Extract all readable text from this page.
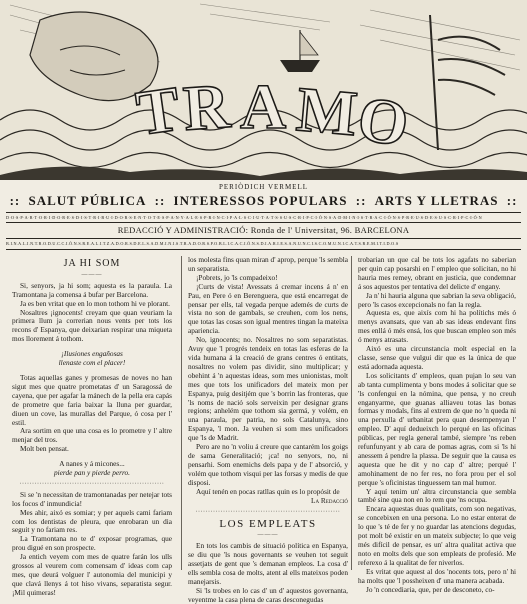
T
R A M
O
PERIÒDICH VERMELL
:: SALUT PÚBLICA :: INTERESSOS POPULARS :: ARTS Y LLETRAS ::
D·O·S·P·A·R·T·O·R·I·D·O·R·E·S·D·I·S·T·R·I·B·U·I·D·O·R·S·E·N·T·O·T·E·S·P·A·N·Y·A·L·E·S·P·R·I·N·C·I·P·A·L·S·C·I·U·T·A·T·S·S·U·S·C·R·I·P·C·I·Ó·N·S·A·D·M·I·N·I·S·T·R·A·C·I·Ó·N·S·P·R·E·U·S·D·E·S·U·S·C·R·I·P·C·I·Ó·N
REDACCIÓ Y ADMINISTRACIÓ: Ronda de l' Universitat, 96. BARCELONA
B.I.N.A.L.I.N.T.R.O.D.U.C.C.I.Ó.N.S.R.E.A.L.I.T.Z.A.D.O.R.S.D.E.L.S.A.D.M.I.N.I.S.T.R.A.D.O.R.S.P.O.B.L.I.C.A.C.I.Ó.N.S.D.I.A.R.I.E.S.A.N.U.N.C.I.S.C.O.M.U.N.I.C.A.T.S.R.E.M.I.T.I.D.O.S
JA HI SOM
———

Si, senyors, ja hi som; aquesta es la paraula. La Tramontana ja comensa á bufar per Barcelona.

Ja es ben vritat que en lo mon tothom hi ve plorant.

Nosaltres ¡ignocents! creyam que quan veuriam la primera llum ja correrian nous vents per tots los recons d' Espanya, que deixarian respirar una miqueta mos llorement á tothom.

¡Ilusiones engañosas

llenaste com el placer!

Totas aquellas ganes y promesas de noves no han sigut mes que quatre prometatas d' un Saragossá de cayena, que per agafar la mánech de la pella era capás de prometre que faria baixar la lluna per guardar, diuen un cove, las murallas del Parque, ó cosa per l' estil.

Ara sortim en que una cosa es lo prometre y l' altre menjar del tros.

Molt ben pensat.

A nanes y á micones...

pierde pan y pierde perro.

··························································

Si se 'n necessitan de tramontanadas per netejar tots los focos d' inmundicia!

Mes ahir, aixó es somiar; y per aquels cami fariam com los dentistas de pleura, que enrobaran un dia seguit y no fariam res.

La Tramontana no te d' exposar programas, que prou digué en son prospecte.

Ja entich veyem com mes de quatre farán los ulls grossos al veurem com comensam d' ideas com cap mes, que deurá volguer l' autonomia del municipi y que clavá llenys á tot hiso vivans, separatista segur. ¡Mil quimeras!

los molesta fins quan miran d' aprop, perque 'ls sembla un separatista.

¡Pobrets, jo 'ls compadeixo!

¡Curts de vista! Avessats á cremar incens á n' en Pau, en Pere ó en Berenguera, que está encarregat de pensar per ells, tal vegada perque ademés de curts de vista no son de gambals, se creuhen, com los nens, que totas las cosas son igual mentres tingan la mateixa apariencia.

No, ignocents; no. Nosaltres no som separatistas. Avuy que 'l progrés tendeix en totas las esferas de la vida humana á la creació de grans centres ó entitats, nosaltres no volem pas dividir, sino multiplicar; y obehint á 'n aquestas ideas, som mes unionistas, molt mes que tots los unificadors del mateix mon per Espanya, puig desitjém que 's borrin las fronteras, que 'ls noms de nació sols serveixin per designar grans regions; anhelém que tothom sia germá, y volém, en una paraula, per patria, no sols Catalunya, sino Espanya, 'l mon. Ja veuhen si som mes unificadors que 'ls de Madrit.

Pero are no 'n voliu á creure que cantarém los goigs de sama Generalitació; ¡ca! no senyors, no, ni pensarhi. Som enemichs dels papa y de l' absorció, y volém que tothom visqui per las forsas y medis de que disposi.

Aquí tenén en pocas ratllas quin es lo propósit de

La Redacció
··························································
LOS EMPLEATS
———

En tots los cambis de situació política en Espanya, se diu que 'ls nous governants se veuhen tot seguit assetjats de gent que 's demanan empleos. La cosa d' ells sembla cosa de molts, atent al ells mateixos poden manejarsis.

Si 'ls trobes en lo cas d' un d' aquestos governanta, veyentme la casa plena de caras desconegudas

trobarian un que cal be tots los agafats no saberian per quin cap posarshi en l' empleo que solicitan, no hi hauria mes remey, obrant en justicia, que condemnar á sos aquestos per tentativa del delicte d' engany.

Ja n' hi hauria alguna que sabrian la seva obligació, pero 'ls casos excepcionals no fan la regla.

Aquesta es, que aixís com hi ha polítichs més ó menys avansats, que van ab sas ideas endevant fins mes enllá ó més ensá, los que buscan empleo son més ó menys atrasats.

Aixó es una circunstancia molt especial en la classe, sense que vulgui dir que es la única de que está adornada aquesta.

Los solicitants d' empleos, quan pujan lo seu van ab tanta cumplimenta y bons modes á solicitar que se 'ls confengui en la nómina, que pensa, y no creuh enganyarme, que guanas alliaveu totas las bonas formas y modals, fins al extrem de que no 'n queda ni una perxulla d' urbanitat pera quan desempenyan l' empleo. D' aquí dedueixch lo perqué en las oficinas públicas, per regla general també, siempre 'ns reben refunfunyant y ab cara de pomas agras, com si 'ls hi anessem á pendre la plassa. De seguir que la causa es aquesta que he dit y no cap d' altre; perqué l' amohinament de no fer res, no fora prou per el sol perque 's oficinistas tinguessem tan mal humor.

Y aquí tenim un' altra circunstancia que sembla també sine qua non en lo rem que 'ns ocupa.

Encara aquestas duas qualitats, com son negativas, se concebixen en una persona. Lo no estar enterat de lo que 's té de fer y no guardar las atencions degudas, pot molt bé existir en un mateix subjecte; lo que veig més difícil de pensar, es un' altra qualitat activa que noto en molts dels que son empleats de profesió. Me referexo á la qualitat de fer niverlos.

Es vritat que aquest al dos 'nocents tots, pero n' hi ha molts que 'l possheixen d' una manera acabada.

Jo 'n concediaria, que, per de desconeto, co-
